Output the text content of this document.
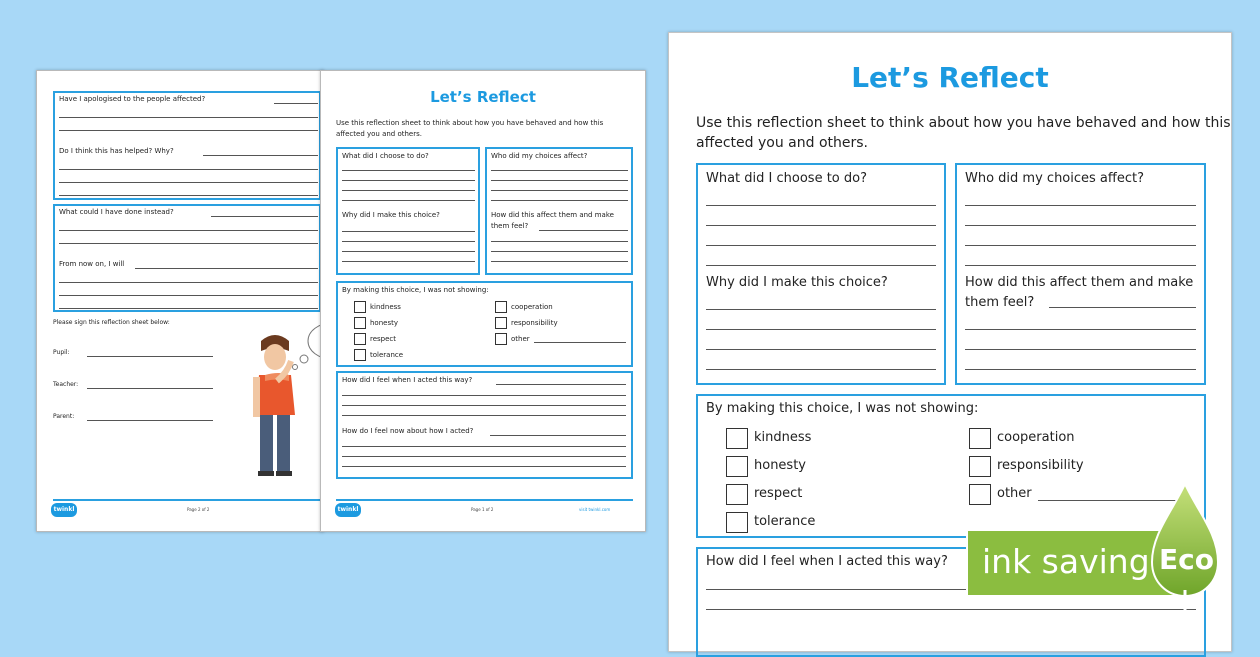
Have I apologised to the people affected?
Do I think this has helped? Why?
What could I have done instead?
From now on, I will
Please sign this reflection sheet below:
Pupil:
Teacher:
Parent:
twinkl	Page 2 of 2
Let’s Reflect
Use this reflection sheet to think about how you have behaved and how this
affected you and others.
What did I choose to do?
Why did I make this choice?
Who did my choices affect?
How did this affect them and make
them feel?
By making this choice, I was not showing:
kindness
honesty
respect
tolerance
cooperation
responsibility
other
How did I feel when I acted this way?
How do I feel now about how I acted?
twinkl	Page 1 of 2	visit twinkl.com
Let’s Reflect
Use this reflection sheet to think about how you have behaved and how this
affected you and others.
What did I choose to do?
Why did I make this choice?
Who did my choices affect?
How did this affect them and make
them feel?
By making this choice, I was not showing:
kindness
honesty
respect
tolerance
cooperation
responsibility
other
How did I feel when I acted this way? ink saving Eco
